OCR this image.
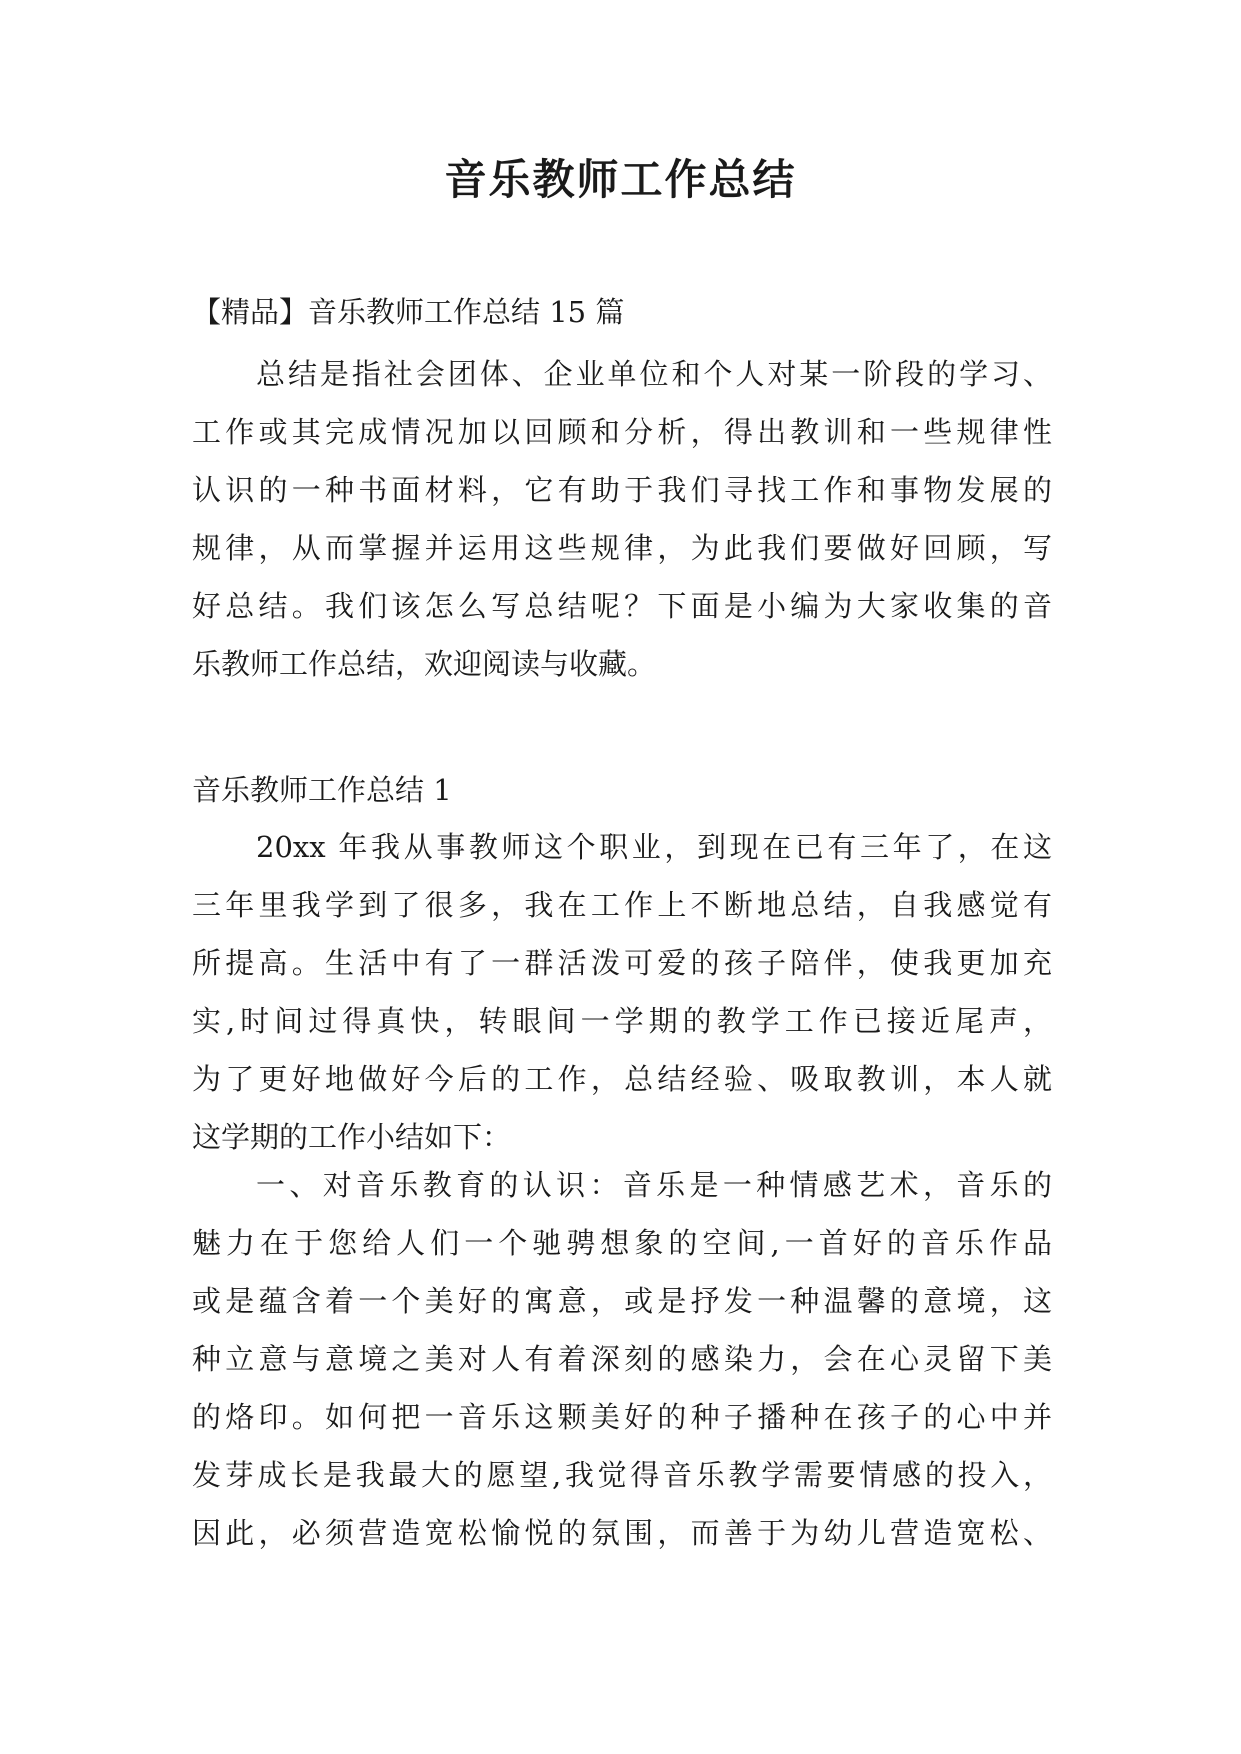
音乐教师工作总结
【精品】音乐教师工作总结 15 篇
总结是指社会团体、企业单位和个人对某一阶段的学习、
工作或其完成情况加以回顾和分析，得出教训和一些规律性
认识的一种书面材料，它有助于我们寻找工作和事物发展的
规律，从而掌握并运用这些规律，为此我们要做好回顾，写
好总结。我们该怎么写总结呢？下面是小编为大家收集的音
乐教师工作总结，欢迎阅读与收藏。
音乐教师工作总结 1
20xx 年我从事教师这个职业，到现在已有三年了，在这
三年里我学到了很多，我在工作上不断地总结，自我感觉有
所提高。生活中有了一群活泼可爱的孩子陪伴，使我更加充
实,时间过得真快，转眼间一学期的教学工作已接近尾声，
为了更好地做好今后的工作，总结经验、吸取教训，本人就
这学期的工作小结如下：
一、对音乐教育的认识：音乐是一种情感艺术，音乐的
魅力在于您给人们一个驰骋想象的空间,一首好的音乐作品
或是蕴含着一个美好的寓意，或是抒发一种温馨的意境，这
种立意与意境之美对人有着深刻的感染力，会在心灵留下美
的烙印。如何把一音乐这颗美好的种子播种在孩子的心中并
发芽成长是我最大的愿望,我觉得音乐教学需要情感的投入，
因此，必须营造宽松愉悦的氛围，而善于为幼儿营造宽松、
